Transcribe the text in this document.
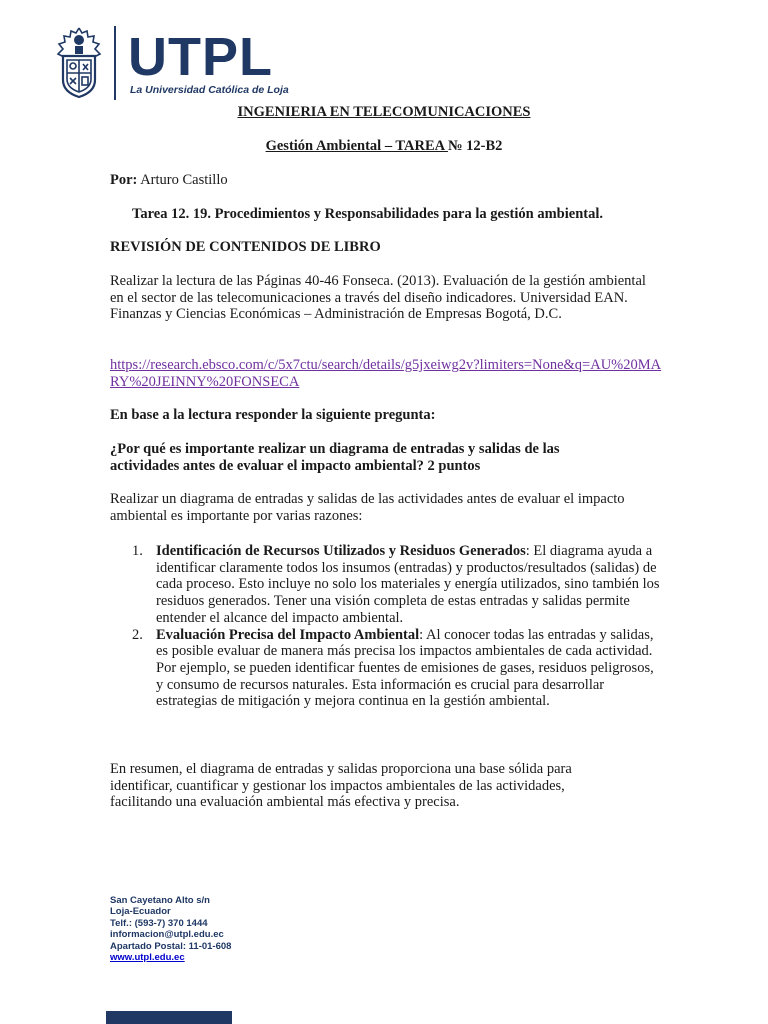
UTPL
La Universidad Católica de Loja
INGENIERIA EN TELECOMUNICACIONES
Gestión Ambiental – TAREA № 12-B2
Por: Arturo Castillo
Tarea 12. 19. Procedimientos y Responsabilidades para la gestión ambiental.
REVISIÓN DE CONTENIDOS DE LIBRO
Realizar la lectura de las Páginas 40-46 Fonseca. (2013). Evaluación de la gestión ambiental en el sector de las telecomunicaciones a través del diseño indicadores. Universidad EAN. Finanzas y Ciencias Económicas – Administración de Empresas Bogotá, D.C.
https://research.ebsco.com/c/5x7ctu/search/details/g5jxeiwg2v?limiters=None&q=AU%20MARY%20JEINNY%20FONSECA
En base a la lectura responder la siguiente pregunta:
¿Por qué es importante realizar un diagrama de entradas y salidas de las actividades antes de evaluar el impacto ambiental? 2 puntos
Realizar un diagrama de entradas y salidas de las actividades antes de evaluar el impacto ambiental es importante por varias razones:
1. Identificación de Recursos Utilizados y Residuos Generados: El diagrama ayuda a identificar claramente todos los insumos (entradas) y productos/resultados (salidas) de cada proceso. Esto incluye no solo los materiales y energía utilizados, sino también los residuos generados. Tener una visión completa de estas entradas y salidas permite entender el alcance del impacto ambiental.
2. Evaluación Precisa del Impacto Ambiental: Al conocer todas las entradas y salidas, es posible evaluar de manera más precisa los impactos ambientales de cada actividad. Por ejemplo, se pueden identificar fuentes de emisiones de gases, residuos peligrosos, y consumo de recursos naturales. Esta información es crucial para desarrollar estrategias de mitigación y mejora continua en la gestión ambiental.
En resumen, el diagrama de entradas y salidas proporciona una base sólida para identificar, cuantificar y gestionar los impactos ambientales de las actividades, facilitando una evaluación ambiental más efectiva y precisa.
San Cayetano Alto s/n
Loja-Ecuador
Telf.: (593-7) 370 1444
informacion@utpl.edu.ec
Apartado Postal: 11-01-608
www.utpl.edu.ec
